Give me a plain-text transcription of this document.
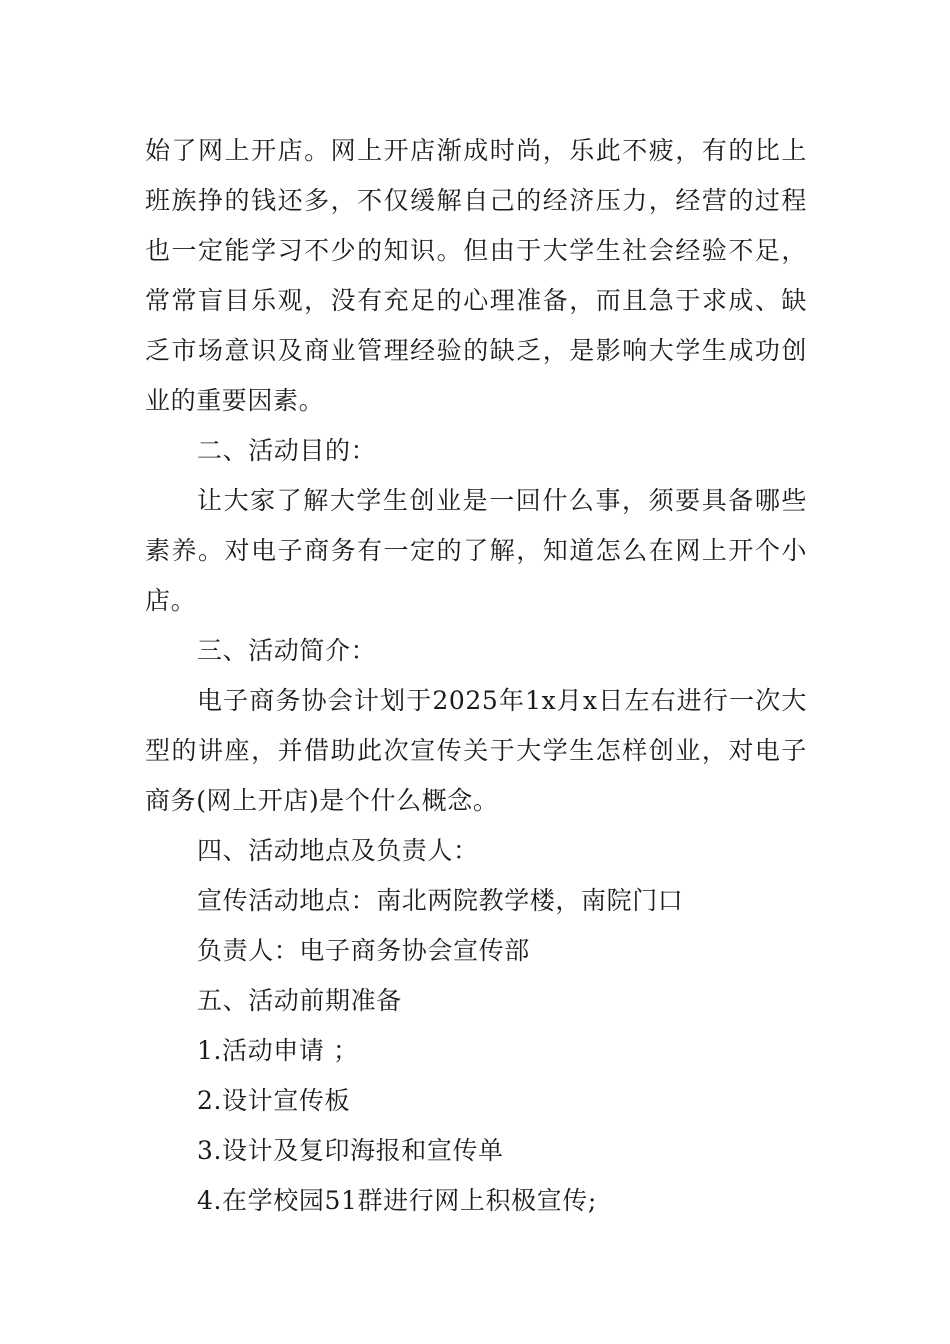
始了网上开店。网上开店渐成时尚，乐此不疲，有的比上班族挣的钱还多，不仅缓解自己的经济压力，经营的过程也一定能学习不少的知识。但由于大学生社会经验不足，常常盲目乐观，没有充足的心理准备，而且急于求成、缺乏市场意识及商业管理经验的缺乏，是影响大学生成功创业的重要因素。

二、活动目的：

让大家了解大学生创业是一回什么事，须要具备哪些素养。对电子商务有一定的了解，知道怎么在网上开个小店。

三、活动简介：

电子商务协会计划于2025年1x月x日左右进行一次大型的讲座，并借助此次宣传关于大学生怎样创业，对电子商务(网上开店)是个什么概念。

四、活动地点及负责人：

宣传活动地点：南北两院教学楼，南院门口

负责人：电子商务协会宣传部

五、活动前期准备

1.活动申请 ；

2.设计宣传板

3.设计及复印海报和宣传单

4.在学校园51群进行网上积极宣传;
